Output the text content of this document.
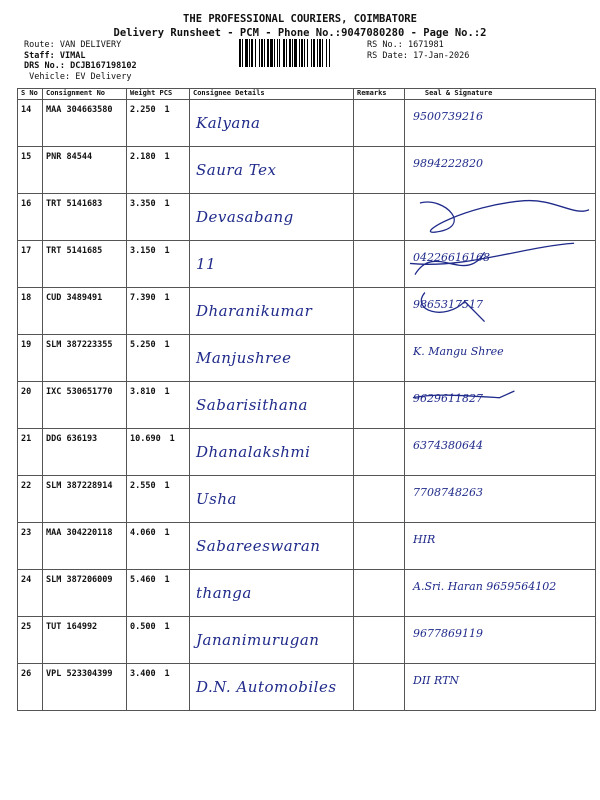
THE PROFESSIONAL COURIERS, COIMBATORE
Delivery Runsheet - PCM - Phone No.:9047080280 - Page No.:2
Route: VAN DELIVERY
Staff: VIMAL
DRS No.: DCJB167198102
Vehicle: EV Delivery
RS No.: 1671981
RS Date: 17-Jan-2026
S No	Consignment No	Weight PCS	Consignee Details	Remarks	Seal & Signature
14	MAA 304663580	2.250 1	Kalyana		9500739216

15	PNR 84544	2.180 1	Saura Tex		9894222820

16	TRT 5141683	3.350 1	Devasabang

17	TRT 5141685	3.150 1	11		04226616168

18	CUD 3489491	7.390 1	Dharanikumar		9865317517

19	SLM 387223355	5.250 1	Manjushree		K. Mangu Shree

20	IXC 530651770	3.810 1	Sabarisithana		9629611827

21	DDG 636193	10.690 1	Dhanalakshmi		6374380644

22	SLM 387228914	2.550 1	Usha		7708748263

23	MAA 304220118	4.060 1	Sabareeswaran		HIR

24	SLM 387206009	5.460 1	thanga		A.Sri. Haran 9659564102

25	TUT 164992	0.500 1	Jananimurugan		9677869119

26	VPL 523304399	3.400 1	D.N. Automobiles		DII RTN
